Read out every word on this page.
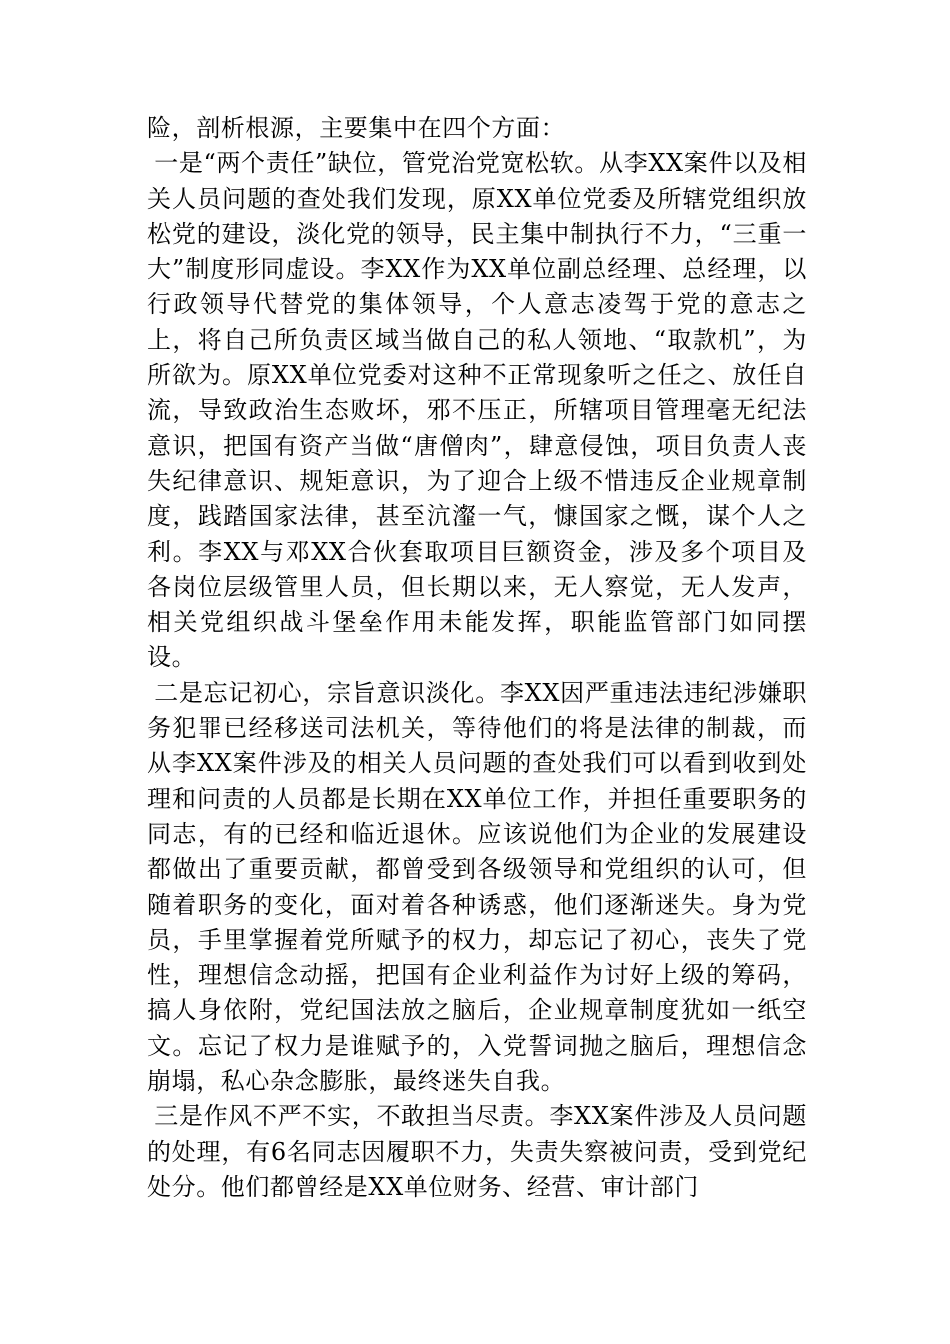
险，剖析根源，主要集中在四个方面：

一是“两个责任”缺位，管党治党宽松软。从李XX案件以及相关人员问题的查处我们发现，原XX单位党委及所辖党组织放松党的建设，淡化党的领导，民主集中制执行不力，“三重一大”制度形同虚设。李XX作为XX单位副总经理、总经理，以行政领导代替党的集体领导，个人意志凌驾于党的意志之上，将自己所负责区域当做自己的私人领地、“取款机”，为所欲为。原XX单位党委对这种不正常现象听之任之、放任自流，导致政治生态败坏，邪不压正，所辖项目管理毫无纪法意识，把国有资产当做“唐僧肉”，肆意侵蚀，项目负责人丧失纪律意识、规矩意识，为了迎合上级不惜违反企业规章制度，践踏国家法律，甚至沆瀣一气，慷国家之慨，谋个人之利。李XX与邓XX合伙套取项目巨额资金，涉及多个项目及各岗位层级管里人员，但长期以来，无人察觉，无人发声，相关党组织战斗堡垒作用未能发挥，职能监管部门如同摆设。

二是忘记初心，宗旨意识淡化。李XX因严重违法违纪涉嫌职务犯罪已经移送司法机关，等待他们的将是法律的制裁，而从李XX案件涉及的相关人员问题的查处我们可以看到收到处理和问责的人员都是长期在XX单位工作，并担任重要职务的同志，有的已经和临近退休。应该说他们为企业的发展建设都做出了重要贡献，都曾受到各级领导和党组织的认可，但随着职务的变化，面对着各种诱惑，他们逐渐迷失。身为党员，手里掌握着党所赋予的权力，却忘记了初心，丧失了党性，理想信念动摇，把国有企业利益作为讨好上级的筹码，搞人身依附，党纪国法放之脑后，企业规章制度犹如一纸空文。忘记了权力是谁赋予的，入党誓词抛之脑后，理想信念崩塌，私心杂念膨胀，最终迷失自我。

三是作风不严不实，不敢担当尽责。李XX案件涉及人员问题的处理，有6名同志因履职不力，失责失察被问责，受到党纪处分。他们都曾经是XX单位财务、经营、审计部门
